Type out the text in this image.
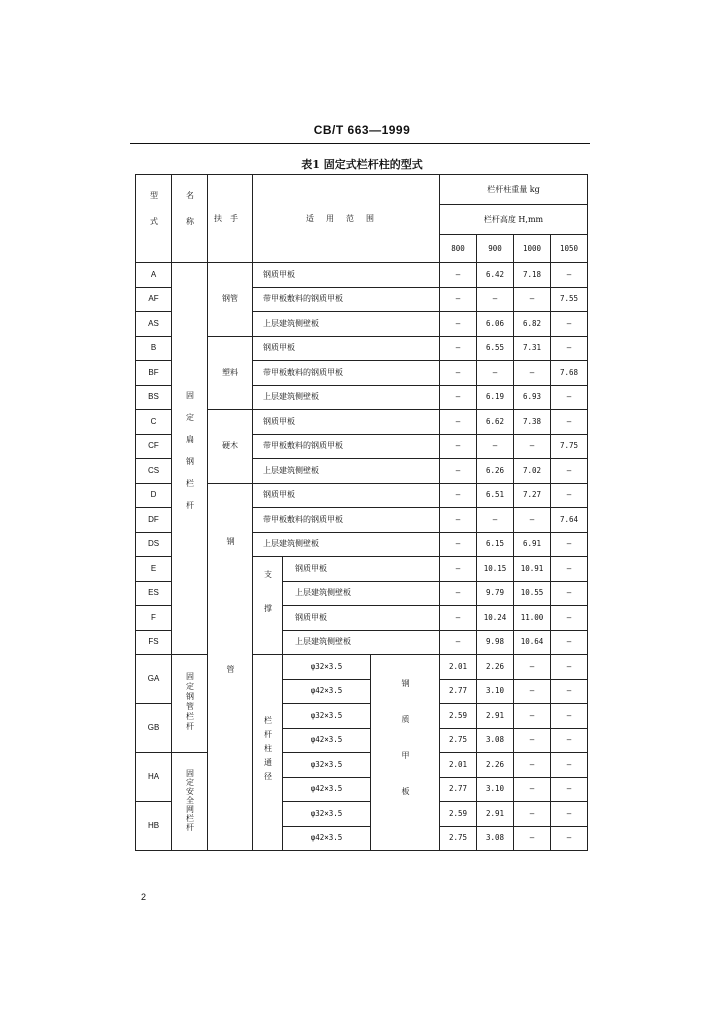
CB/T 663—1999
表1 固定式栏杆柱的型式
型式	名称	扶手	适用范围			栏杆柱重量 kg			
						栏杆高度 H,mm			
						800	900	1000	1050
A	固定扁钢栏杆	钢管	钢质甲板			—	6.42	7.18	—
AF			带甲板敷料的钢质甲板			—	—	—	7.55
AS			上层建筑侧壁板			—	6.06	6.82	—
B		塑料	钢质甲板			—	6.55	7.31	—
BF			带甲板敷料的钢质甲板			—	—	—	7.68
BS			上层建筑侧壁板			—	6.19	6.93	—
C		硬木	钢质甲板			—	6.62	7.38	—
CF			带甲板敷料的钢质甲板			—	—	—	7.75
CS			上层建筑侧壁板			—	6.26	7.02	—
D		钢管	钢质甲板			—	6.51	7.27	—
DF			带甲板敷料的钢质甲板			—	—	—	7.64
DS			上层建筑侧壁板			—	6.15	6.91	—
E			支撑	钢质甲板		—	10.15	10.91	—
ES				上层建筑侧壁板		—	9.79	10.55	—
F				钢质甲板		—	10.24	11.00	—
FS				上层建筑侧壁板		—	9.98	10.64	—
GA	固定钢管栏杆		栏杆柱通径	φ32×3.5	钢质甲板	2.01	2.26	—	—
				φ42×3.5		2.77	3.10	—	—
GB				φ32×3.5		2.59	2.91	—	—
				φ42×3.5		2.75	3.08	—	—
HA	固定安全网栏杆			φ32×3.5		2.01	2.26	—	—
				φ42×3.5		2.77	3.10	—	—
HB				φ32×3.5		2.59	2.91	—	—
				φ42×3.5		2.75	3.08	—	—
2
